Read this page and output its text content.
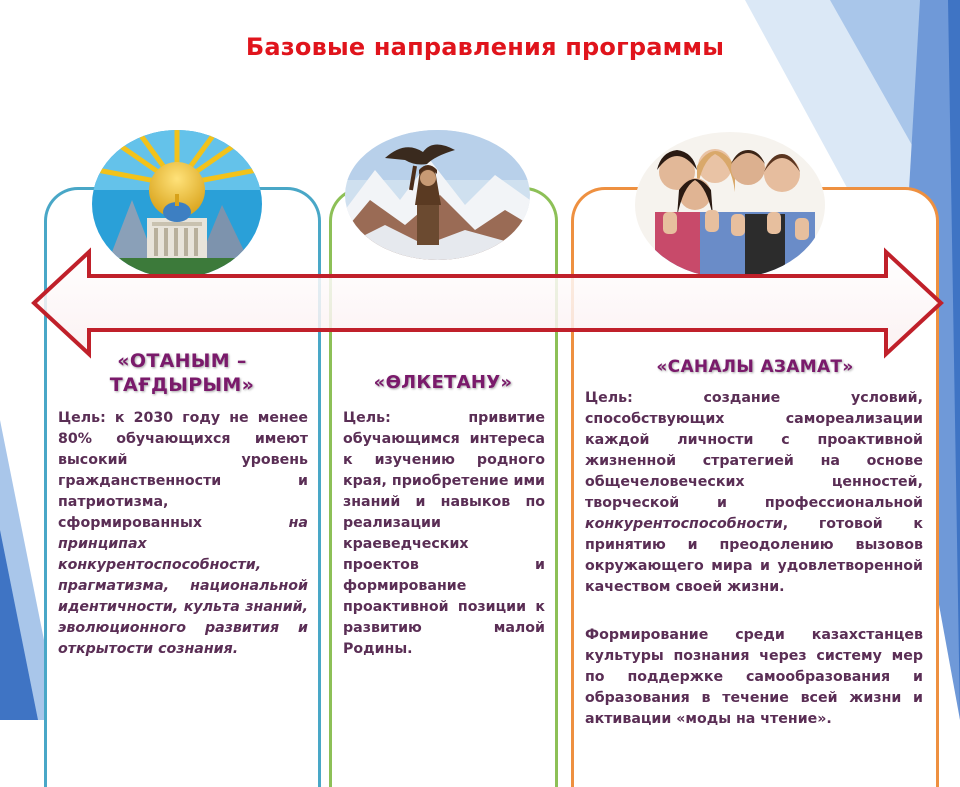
Базовые направления программы
«ОТАНЫМ –
ТАҒДЫРЫМ»	«ӨЛКЕТАНУ»
«САНАЛЫ АЗАМАТ»
Цель: к 2030 году не менее 80% обучающихся имеют высокий уровень гражданственности и патриотизма, сформированных на принципах конкурентоспособности, прагматизма, национальной идентичности, культа знаний, эволюционного развития и открытости сознания.
Цель: привитие обучающимся интереса к изучению родного края, приобретение ими знаний и навыков по реализации краеведческих проектов и формирование проактивной позиции к развитию малой Родины.
Цель: создание условий, способствующих самореализации каждой личности с проактивной жизненной стратегией на основе общечеловеческих ценностей, творческой и профессиональной конкурентоспособности, готовой к принятию и преодолению вызовов окружающего мира и удовлетворенной качеством своей жизни.
Формирование среди казахстанцев культуры познания через систему мер по поддержке самообразования и образования в течение всей жизни и активации «моды на чтение».
